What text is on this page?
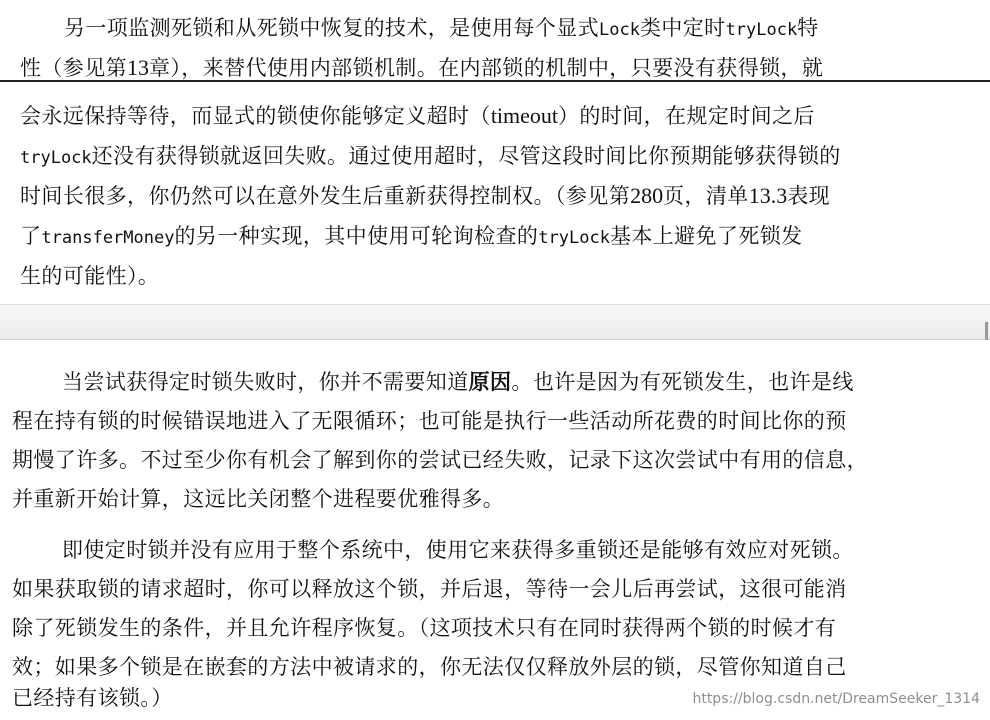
另一项监测死锁和从死锁中恢复的技术，是使用每个显式Lock类中定时tryLock特
性（参见第13章），来替代使用内部锁机制。在内部锁的机制中，只要没有获得锁，就
会永远保持等待，而显式的锁使你能够定义超时（timeout）的时间，在规定时间之后
tryLock还没有获得锁就返回失败。通过使用超时，尽管这段时间比你预期能够获得锁的
时间长很多，你仍然可以在意外发生后重新获得控制权。（参见第280页，清单13.3表现
了transferMoney的另一种实现，其中使用可轮询检查的tryLock基本上避免了死锁发
生的可能性）。
当尝试获得定时锁失败时，你并不需要知道原因。也许是因为有死锁发生，也许是线
程在持有锁的时候错误地进入了无限循环；也可能是执行一些活动所花费的时间比你的预
期慢了许多。不过至少你有机会了解到你的尝试已经失败，记录下这次尝试中有用的信息，
并重新开始计算，这远比关闭整个进程要优雅得多。
即使定时锁并没有应用于整个系统中，使用它来获得多重锁还是能够有效应对死锁。
如果获取锁的请求超时，你可以释放这个锁，并后退，等待一会儿后再尝试，这很可能消
除了死锁发生的条件，并且允许程序恢复。（这项技术只有在同时获得两个锁的时候才有
效；如果多个锁是在嵌套的方法中被请求的，你无法仅仅释放外层的锁，尽管你知道自己
已经持有该锁。）	https://blog.csdn.net/DreamSeeker_1314
